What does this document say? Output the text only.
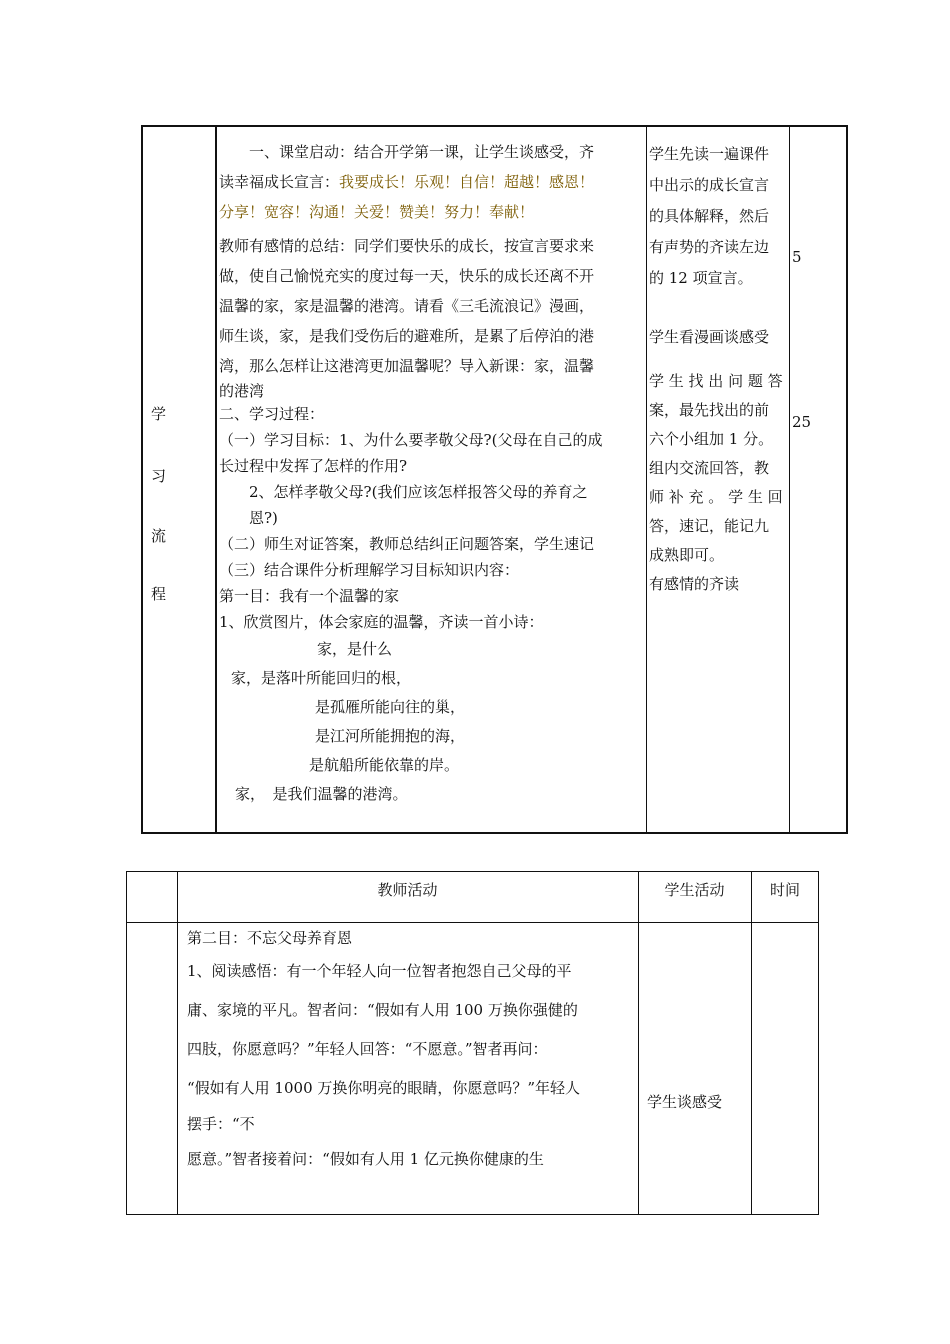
学
习
流
程

一、课堂启动：结合开学第一课，让学生谈感受，齐

读幸福成长宣言：我要成长！乐观！自信！超越！感恩！

分享！宽容！沟通！关爱！赞美！努力！奉献！

教师有感情的总结：同学们要快乐的成长，按宣言要求来

做，使自己愉悦充实的度过每一天，快乐的成长还离不开

温馨的家，家是温馨的港湾。请看《三毛流浪记》漫画，

师生谈，家，是我们受伤后的避难所，是累了后停泊的港

湾，那么怎样让这港湾更加温馨呢？导入新课：家，温馨

的港湾

二、学习过程：

（一）学习目标：1、为什么要孝敬父母?(父母在自己的成

长过程中发挥了怎样的作用?

2、怎样孝敬父母?(我们应该怎样报答父母的养育之

恩?)

（二）师生对证答案，教师总结纠正问题答案，学生速记

（三）结合课件分析理解学习目标知识内容：

第一目：我有一个温馨的家

1、欣赏图片，体会家庭的温馨，齐读一首小诗：

家，是什么

家，是落叶所能回归的根，

是孤雁所能向往的巢，

是江河所能拥抱的海，

是航船所能依靠的岸。

家，　是我们温馨的港湾。

学生先读一遍课件

中出示的成长宣言

的具体解释，然后

有声势的齐读左边

的 12 项宣言。

学生看漫画谈感受

学 生 找 出 问 题 答

案，最先找出的前

六个小组加 1 分。

组内交流回答，教

师 补 充 。 学 生 回

答，速记，能记九

成熟即可。

有感情的齐读

5
25
教师活动	学生活动	时间

第二目：不忘父母养育恩

1、阅读感悟：有一个年轻人向一位智者抱怨自己父母的平

庸、家境的平凡。智者问：“假如有人用 100 万换你强健的

四肢，你愿意吗？”年轻人回答：“不愿意。”智者再问：

“假如有人用 1000 万换你明亮的眼睛，你愿意吗？”年轻人

摆手：“不

愿意。”智者接着问：“假如有人用 1 亿元换你健康的生

学生谈感受
